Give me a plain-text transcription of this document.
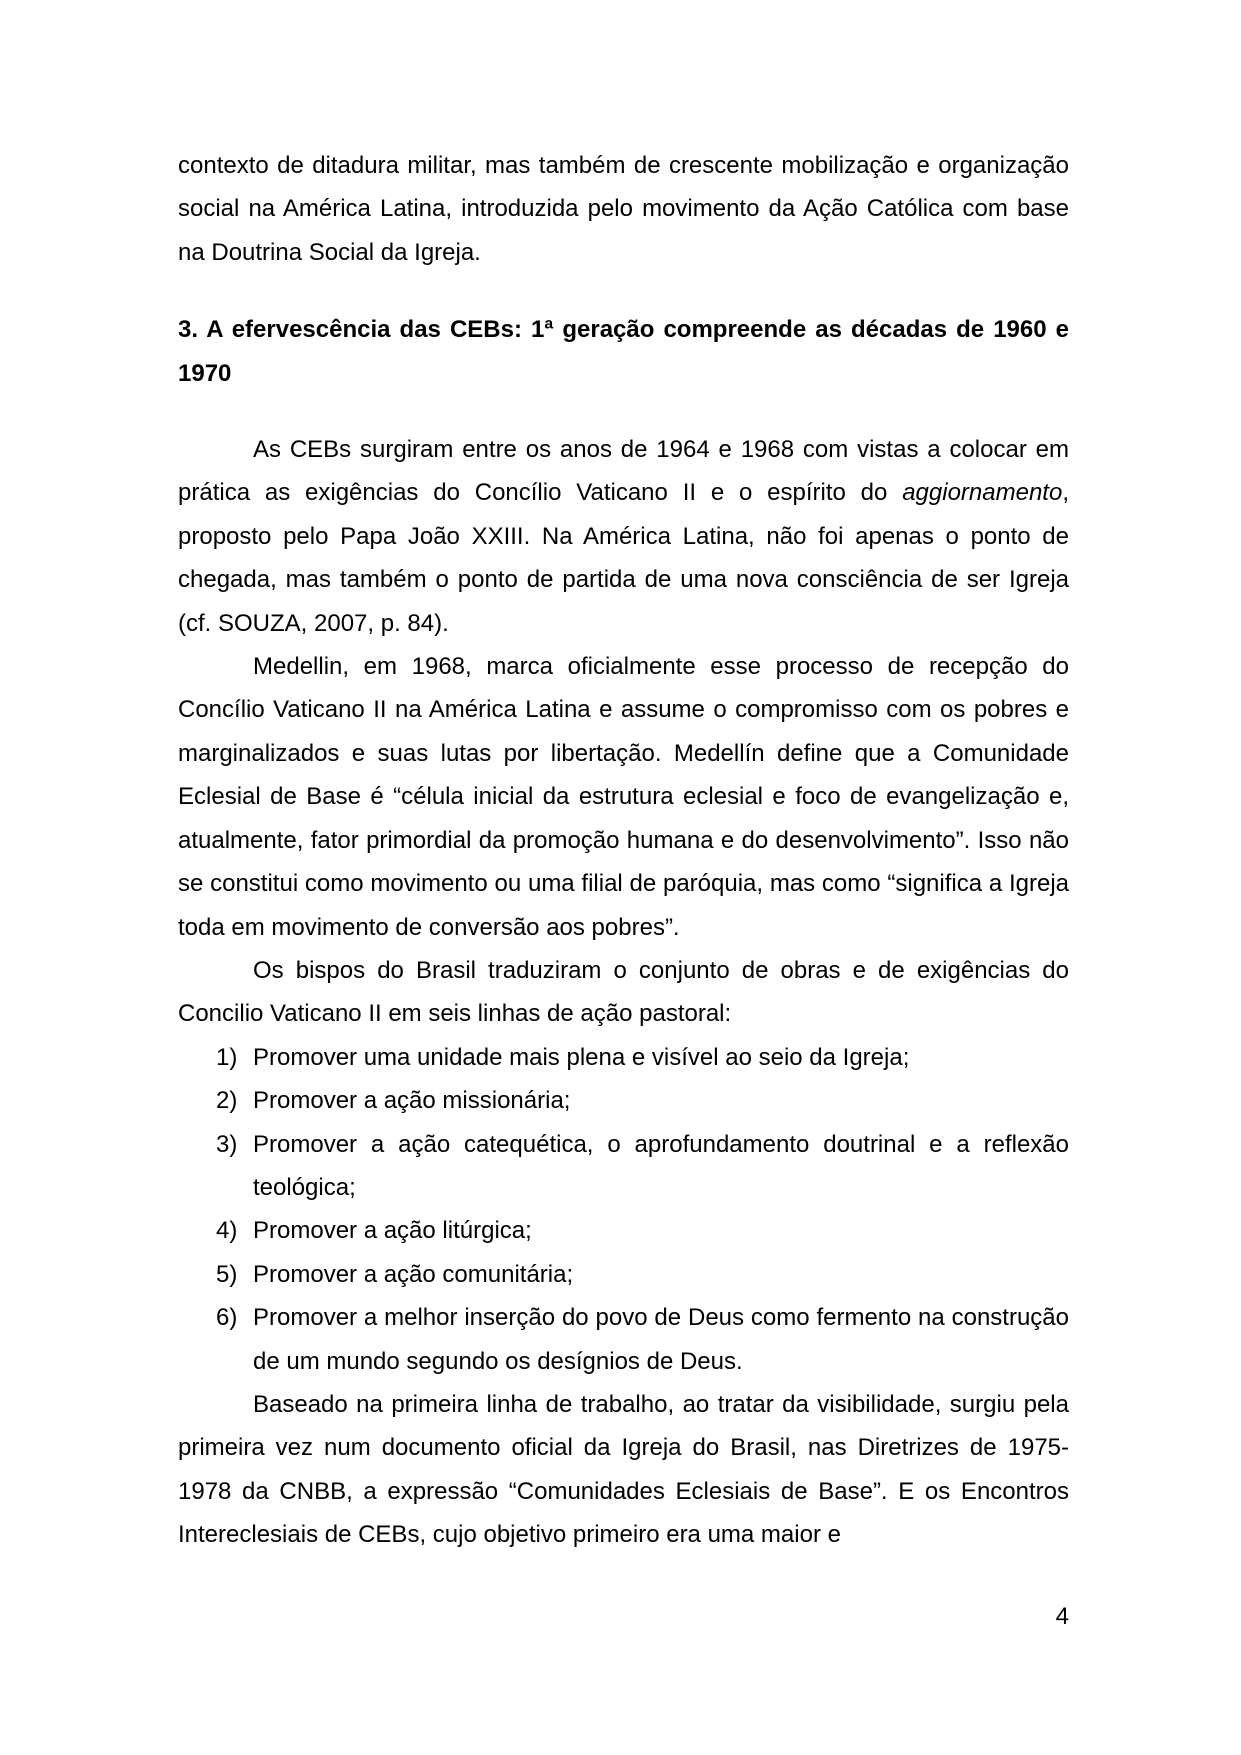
contexto de ditadura militar, mas também de crescente mobilização e organização social na América Latina, introduzida pelo movimento da Ação Católica com base na Doutrina Social da Igreja.

3. A efervescência das CEBs: 1ª geração compreende as décadas de 1960 e 1970

As CEBs surgiram entre os anos de 1964 e 1968 com vistas a colocar em prática as exigências do Concílio Vaticano II e o espírito do aggiornamento, proposto pelo Papa João XXIII. Na América Latina, não foi apenas o ponto de chegada, mas também o ponto de partida de uma nova consciência de ser Igreja (cf. SOUZA, 2007, p. 84).

Medellin, em 1968, marca oficialmente esse processo de recepção do Concílio Vaticano II na América Latina e assume o compromisso com os pobres e marginalizados e suas lutas por libertação. Medellín define que a Comunidade Eclesial de Base é “célula inicial da estrutura eclesial e foco de evangelização e, atualmente, fator primordial da promoção humana e do desenvolvimento”. Isso não se constitui como movimento ou uma filial de paróquia, mas como “significa a Igreja toda em movimento de conversão aos pobres”.

Os bispos do Brasil traduziram o conjunto de obras e de exigências do Concilio Vaticano II em seis linhas de ação pastoral:

1) Promover uma unidade mais plena e visível ao seio da Igreja;
2) Promover a ação missionária;
3) Promover a ação catequética, o aprofundamento doutrinal e a reflexão teológica;
4) Promover a ação litúrgica;
5) Promover a ação comunitária;
6) Promover a melhor inserção do povo de Deus como fermento na construção de um mundo segundo os desígnios de Deus.

Baseado na primeira linha de trabalho, ao tratar da visibilidade, surgiu pela primeira vez num documento oficial da Igreja do Brasil, nas Diretrizes de 1975-1978 da CNBB, a expressão “Comunidades Eclesiais de Base”. E os Encontros Intereclesiais de CEBs, cujo objetivo primeiro era uma maior e

4
